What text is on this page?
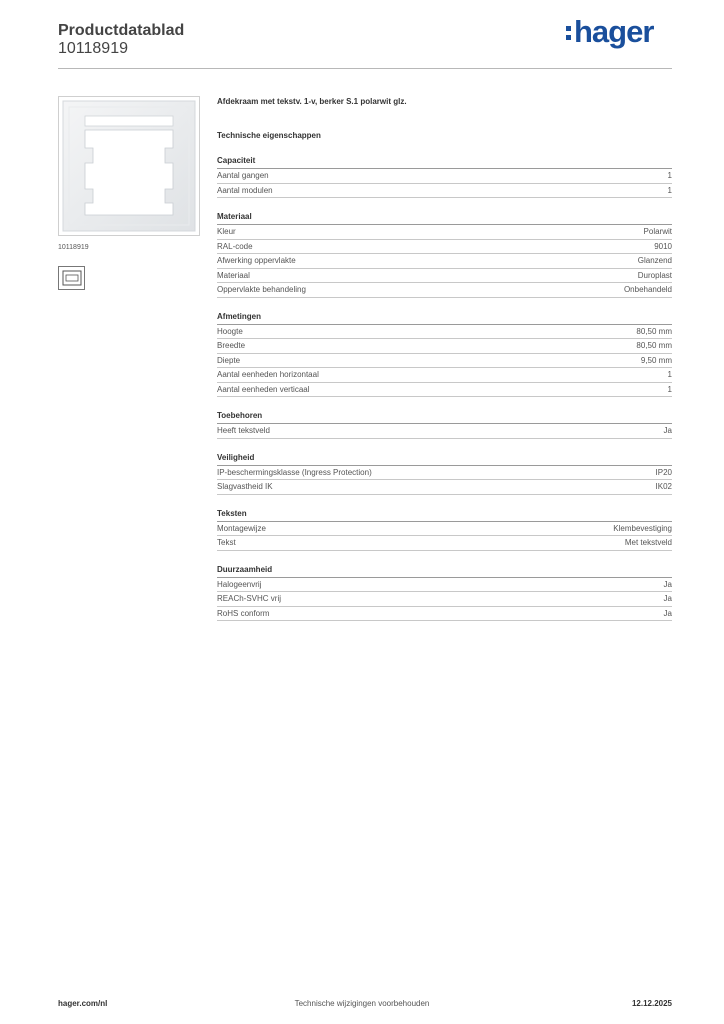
Productdatablad
10118919	hager
10118919
Afdekraam met tekstv. 1-v, berker S.1 polarwit glz.
Technische eigenschappen
Capaciteit
Aantal gangen	1
Aantal modulen	1
Materiaal
Kleur	Polarwit
RAL-code	9010
Afwerking oppervlakte	Glanzend
Materiaal	Duroplast
Oppervlakte behandeling	Onbehandeld
Afmetingen
Hoogte	80,50 mm
Breedte	80,50 mm
Diepte	9,50 mm
Aantal eenheden horizontaal	1
Aantal eenheden verticaal	1
Toebehoren
Heeft tekstveld	Ja
Veiligheid
IP-beschermingsklasse (Ingress Protection)	IP20
Slagvastheid IK	IK02
Teksten
Montagewijze	Klembevestiging
Tekst	Met tekstveld
Duurzaamheid
Halogeenvrij	Ja
REACh-SVHC vrij	Ja
RoHS conform	Ja
hager.com/nl	Technische wijzigingen voorbehouden	12.12.2025
